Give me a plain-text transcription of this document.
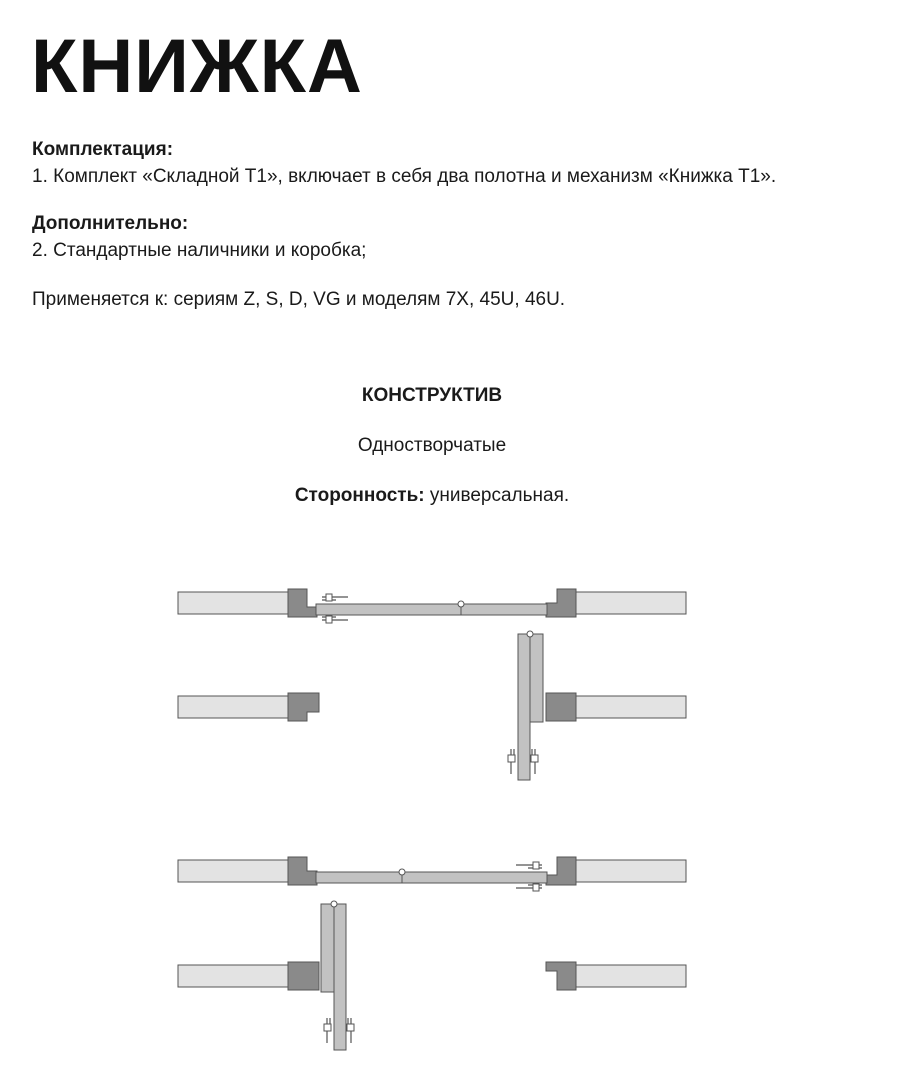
КНИЖКА
Комплектация:
1. Комплект «Складной Т1», включает в себя два полотна и механизм «Книжка Т1».
Дополнительно:
2. Стандартные наличники и коробка;
Применяется к: сериям Z, S, D, VG и моделям 7X, 45U, 46U.
КОНСТРУКТИВ
Одностворчатые
Сторонность: универсальная.
